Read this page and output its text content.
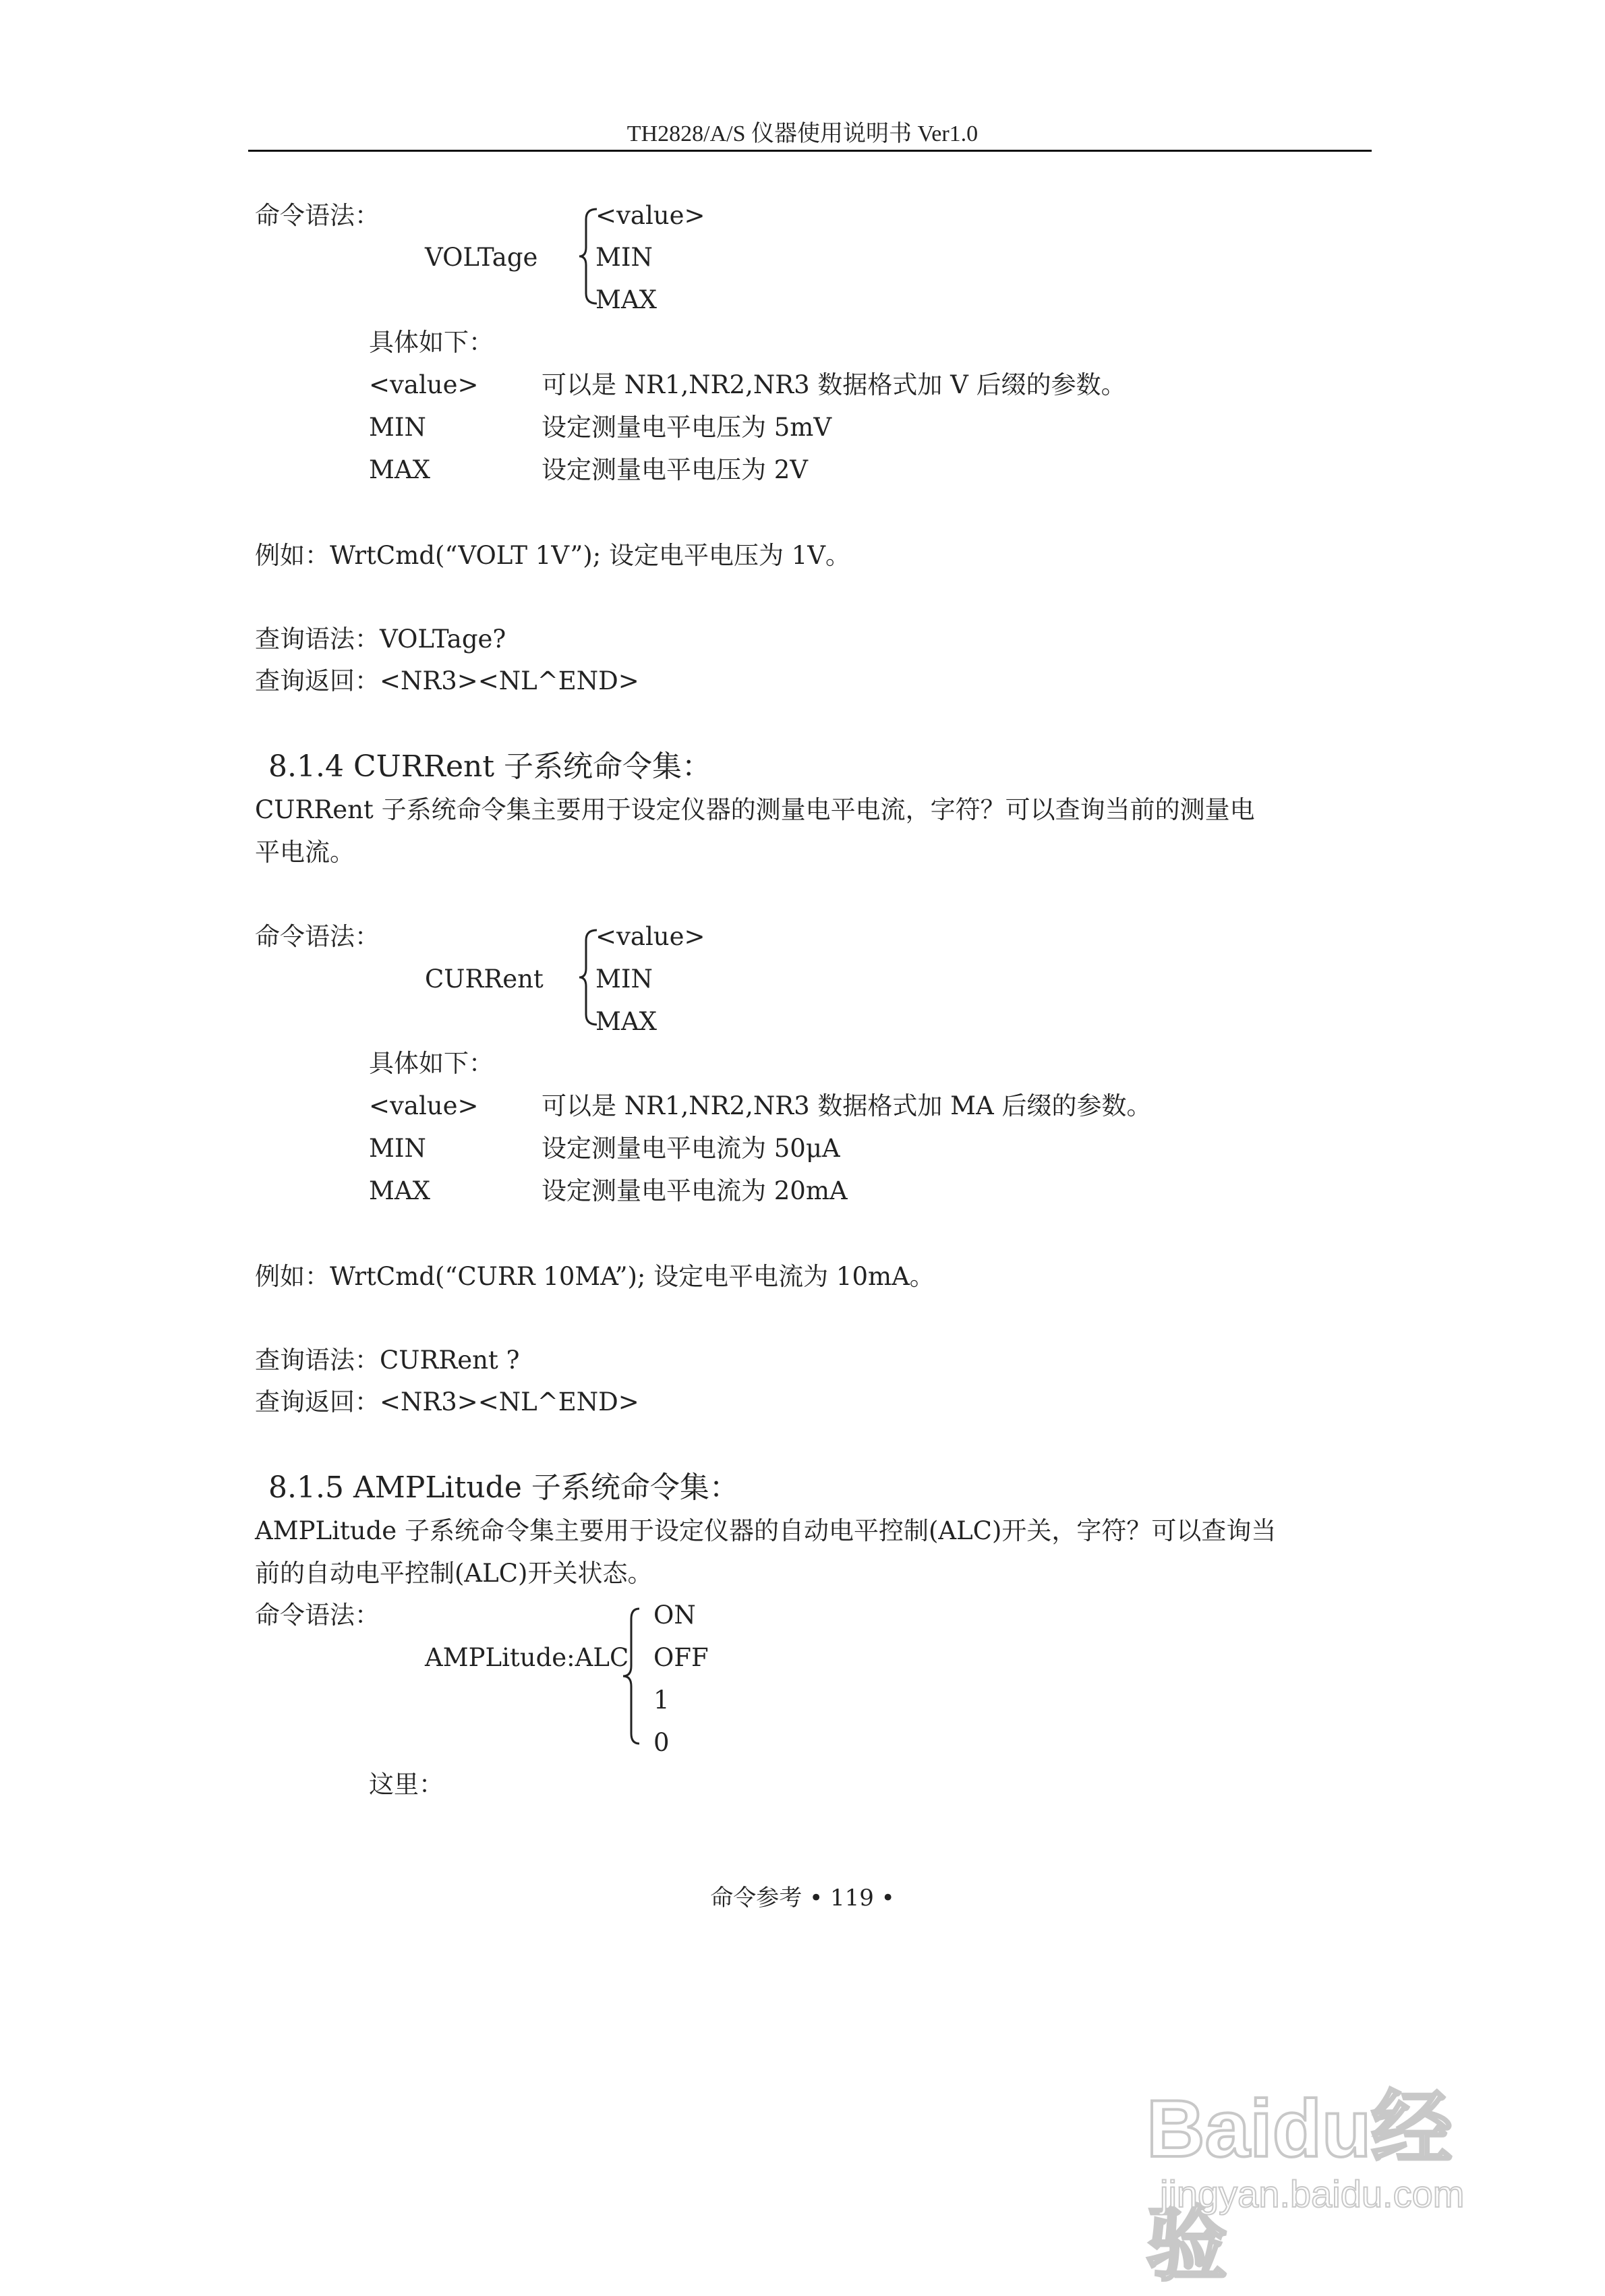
TH2828/A/S 仪器使用说明书 Ver1.0
命令语法：
VOLTage
<value>
MIN
MAX
具体如下：
<value>	可以是 NR1,NR2,NR3 数据格式加 V 后缀的参数。
MIN	设定测量电平电压为 5mV
MAX	设定测量电平电压为 2V
例如：WrtCmd(“VOLT 1V”); 设定电平电压为 1V。
查询语法：VOLTage?
查询返回：<NR3><NL^END>
8.1.4 CURRent 子系统命令集：
CURRent 子系统命令集主要用于设定仪器的测量电平电流，字符？可以查询当前的测量电
平电流。
命令语法：
CURRent
<value>
MIN
MAX
具体如下：
<value>	可以是 NR1,NR2,NR3 数据格式加 MA 后缀的参数。
MIN	设定测量电平电流为 50μA
MAX	设定测量电平电流为 20mA
例如：WrtCmd(“CURR 10MA”); 设定电平电流为 10mA。
查询语法：CURRent ?
查询返回：<NR3><NL^END>
8.1.5 AMPLitude 子系统命令集：
AMPLitude 子系统命令集主要用于设定仪器的自动电平控制(ALC)开关，字符？可以查询当
前的自动电平控制(ALC)开关状态。
命令语法：
AMPLitude:ALC
ON
OFF
1
0
这里：
命令参考 • 119 •
Baidu经验
jingyan.baidu.com
